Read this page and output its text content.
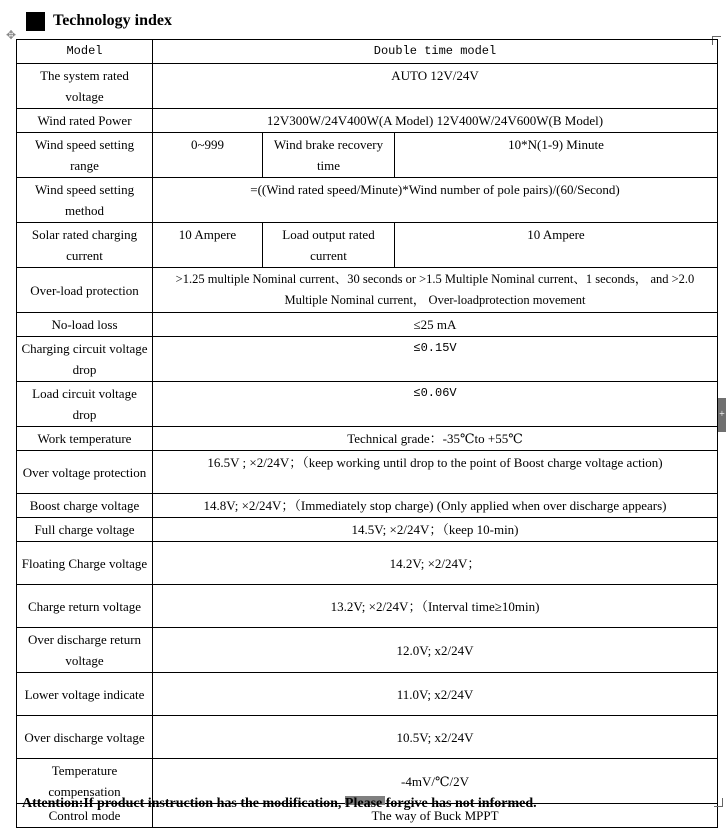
Technology index
✥
+
Model	Double time model		
The system rated voltage	AUTO 12V/24V		
Wind rated Power	12V300W/24V400W(A Model) 12V400W/24V600W(B Model)		
Wind speed setting range	0~999	Wind brake recovery time	10*N(1-9) Minute
Wind speed setting method	=((Wind rated speed/Minute)*Wind number of pole pairs)/(60/Second)		
Solar rated charging current	10 Ampere	Load output rated current	10 Ampere
Over-load protection	>1.25 multiple Nominal current、30 seconds or >1.5 Multiple Nominal current、1 seconds， and >2.0 Multiple Nominal current， Over-loadprotection movement		
No-load loss	≤25 mA		
Charging circuit voltage drop	≤0.15V		
Load circuit voltage drop	≤0.06V		
Work temperature	Technical grade：-35℃to +55℃		
Over voltage protection	16.5V ; ×2/24V；（keep working until drop to the point of Boost charge voltage action)		
Boost charge voltage	14.8V; ×2/24V；（Immediately stop charge) (Only applied when over discharge appears)		
Full charge voltage	14.5V; ×2/24V；（keep 10-min)		
Floating Charge voltage	14.2V; ×2/24V；		
Charge return voltage	13.2V; ×2/24V；（Interval time≥10min)		
Over discharge return voltage	12.0V; x2/24V		
Lower voltage indicate	11.0V; x2/24V		
Over discharge voltage	10.5V; x2/24V		
Temperature compensation	-4mV/℃/2V		
Control mode	The way of Buck MPPT		
Attention:If product instruction has the modification, Please forgive has not informed.
